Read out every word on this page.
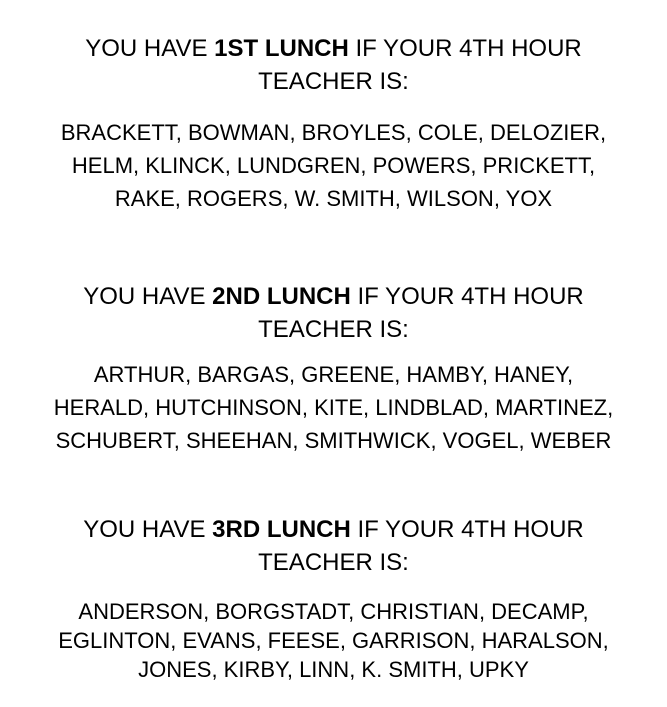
YOU HAVE 1ST LUNCH IF YOUR 4TH HOUR
TEACHER IS:

BRACKETT, BOWMAN, BROYLES, COLE, DELOZIER,
HELM, KLINCK, LUNDGREN, POWERS, PRICKETT,
RAKE, ROGERS, W. SMITH, WILSON, YOX

YOU HAVE 2ND LUNCH IF YOUR 4TH HOUR
TEACHER IS:

ARTHUR, BARGAS, GREENE, HAMBY, HANEY,
HERALD, HUTCHINSON, KITE, LINDBLAD, MARTINEZ,
SCHUBERT, SHEEHAN, SMITHWICK, VOGEL, WEBER

YOU HAVE 3RD LUNCH IF YOUR 4TH HOUR
TEACHER IS:

ANDERSON, BORGSTADT, CHRISTIAN, DECAMP,
EGLINTON, EVANS, FEESE, GARRISON, HARALSON,
JONES, KIRBY, LINN, K. SMITH, UPKY
